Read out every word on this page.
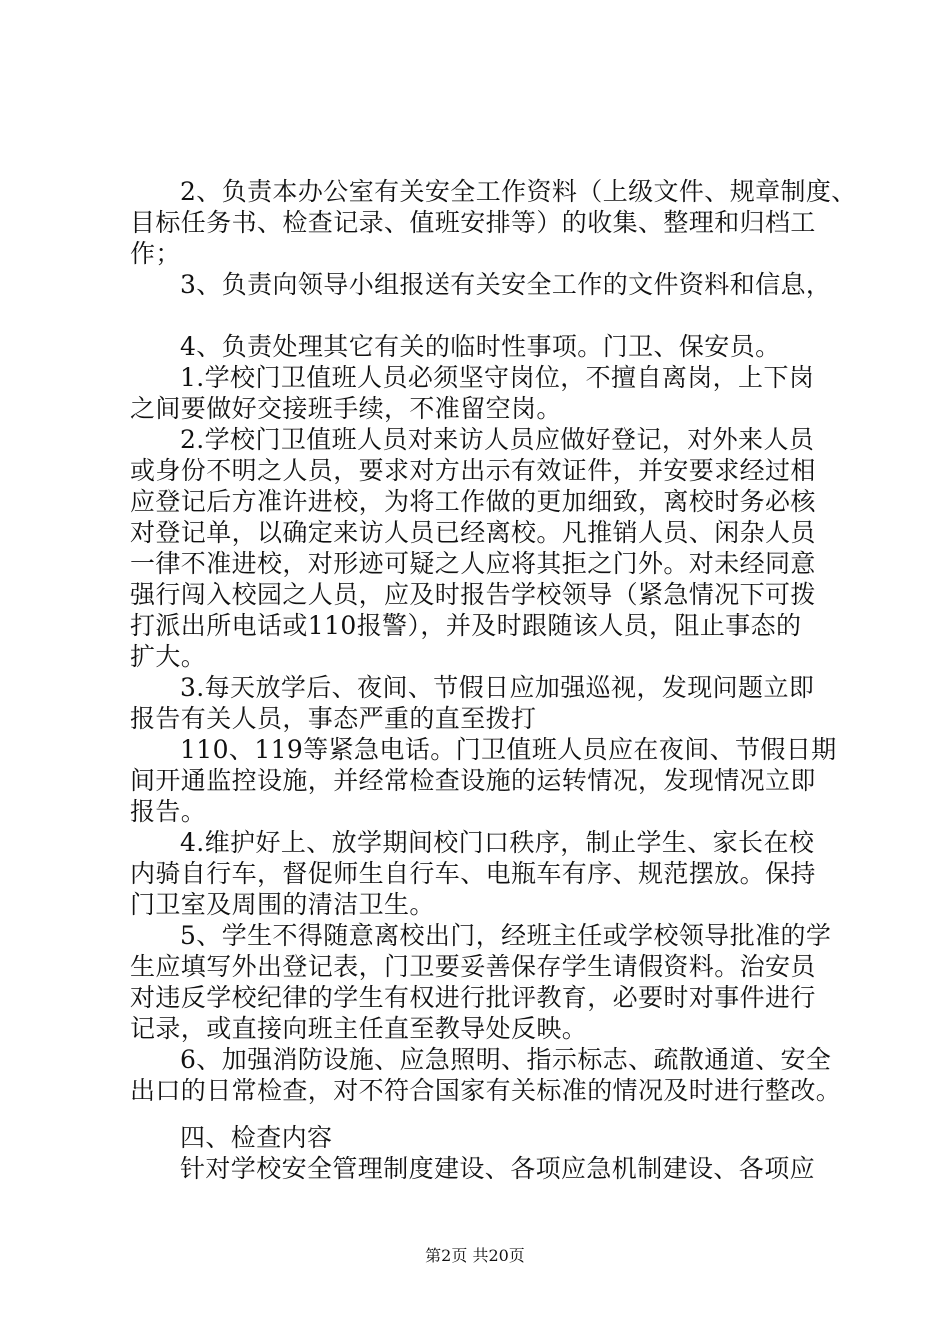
2、负责本办公室有关安全工作资料（上级文件、规章制度、
目标任务书、检查记录、值班安排等）的收集、整理和归档工
作；
3、负责向领导小组报送有关安全工作的文件资料和信息，
4、负责处理其它有关的临时性事项。门卫、保安员。
1.学校门卫值班人员必须坚守岗位，不擅自离岗，上下岗
之间要做好交接班手续，不准留空岗。
2.学校门卫值班人员对来访人员应做好登记，对外来人员
或身份不明之人员，要求对方出示有效证件，并安要求经过相
应登记后方准许进校，为将工作做的更加细致，离校时务必核
对登记单，以确定来访人员已经离校。凡推销人员、闲杂人员
一律不准进校，对形迹可疑之人应将其拒之门外。对未经同意
强行闯入校园之人员，应及时报告学校领导（紧急情况下可拨
打派出所电话或110报警），并及时跟随该人员，阻止事态的
扩大。
3.每天放学后、夜间、节假日应加强巡视，发现问题立即
报告有关人员，事态严重的直至拨打
110、119等紧急电话。门卫值班人员应在夜间、节假日期
间开通监控设施，并经常检查设施的运转情况，发现情况立即
报告。
4.维护好上、放学期间校门口秩序，制止学生、家长在校
内骑自行车，督促师生自行车、电瓶车有序、规范摆放。保持
门卫室及周围的清洁卫生。
5、学生不得随意离校出门，经班主任或学校领导批准的学
生应填写外出登记表，门卫要妥善保存学生请假资料。治安员
对违反学校纪律的学生有权进行批评教育，必要时对事件进行
记录，或直接向班主任直至教导处反映。
6、加强消防设施、应急照明、指示标志、疏散通道、安全
出口的日常检查，对不符合国家有关标准的情况及时进行整改。
四、检查内容
针对学校安全管理制度建设、各项应急机制建设、各项应
第2页 共20页
